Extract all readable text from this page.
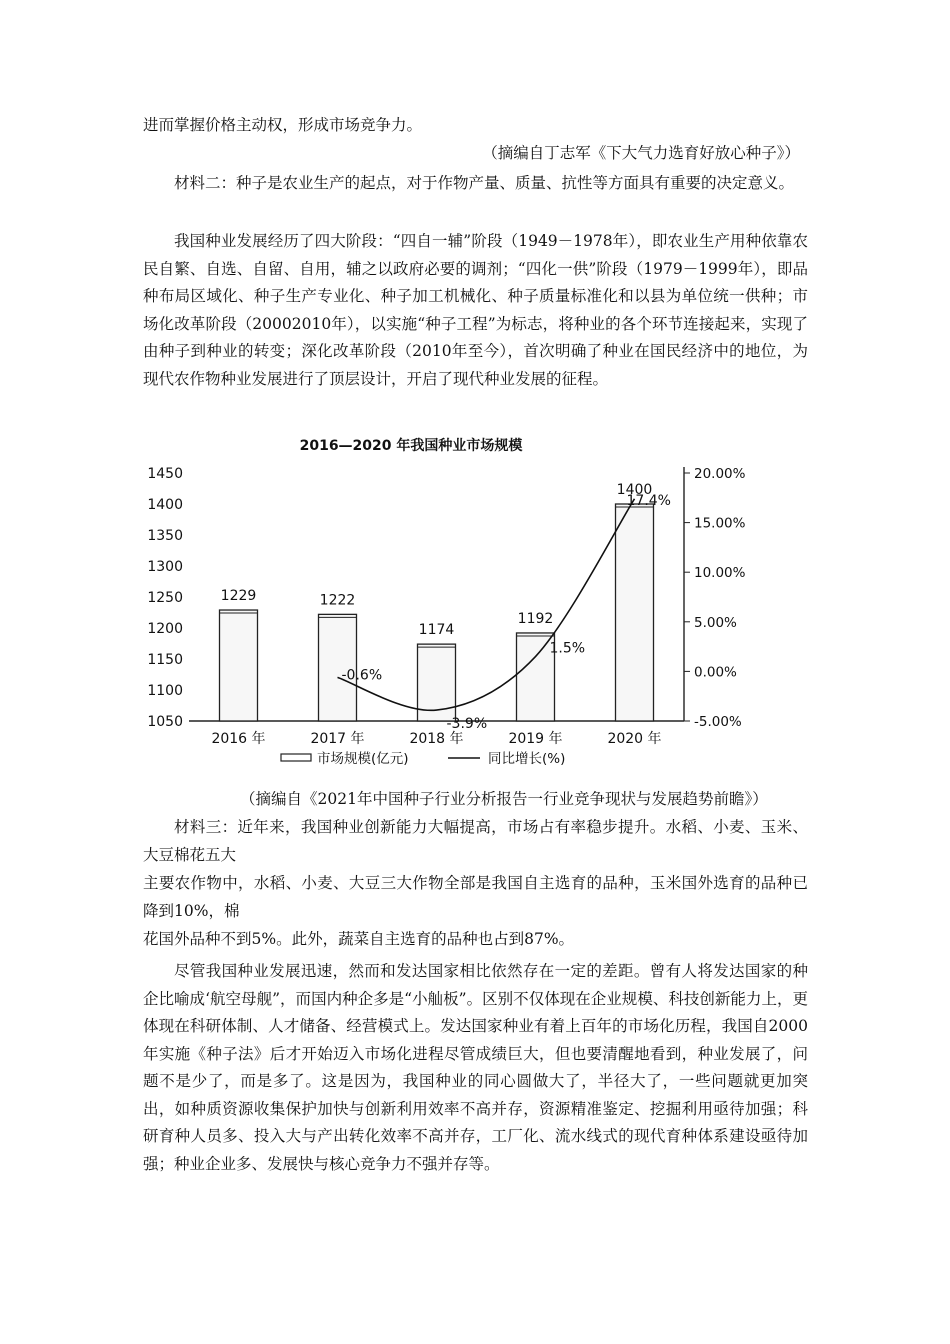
进而掌握价格主动权，形成市场竞争力。

（摘编自丁志军《下大气力选育好放心种子》）

材料二：种子是农业生产的起点，对于作物产量、质量、抗性等方面具有重要的决定意义。

我国种业发展经历了四大阶段：“四自一辅”阶段（1949－1978年），即农业生产用种依靠农民自繁、自选、自留、自用，辅之以政府必要的调剂；“四化一供”阶段（1979－1999年），即品种布局区域化、种子生产专业化、种子加工机械化、种子质量标准化和以县为单位统一供种；市场化改革阶段（20002010年），以实施“种子工程”为标志，将种业的各个环节连接起来，实现了由种子到种业的转变；深化改革阶段（2010年至今），首次明确了种业在国民经济中的地位，为现代农作物种业发展进行了顶层设计，开启了现代种业发展的征程。

2016—2020 年我国种业市场规模
1050
1100
1150
1200
1250
1300
1350
1400
1450
-5.00%
0.00%
5.00%
10.00%
15.00%
20.00%
1229	1222
1174
1192
1400
-0.6%
-3.9%
1.5%
17.4%
2016 年	2017 年	2018 年	2019 年	2020 年
市场规模(亿元)	同比增长(%)

（摘编自《2021年中国种子行业分析报告一行业竞争现状与发展趋势前瞻》）

材料三：近年来，我国种业创新能力大幅提高，市场占有率稳步提升。水稻、小麦、玉米、大豆棉花五大

主要农作物中，水稻、小麦、大豆三大作物全部是我国自主选育的品种，玉米国外选育的品种已降到10%，棉

花国外品种不到5%。此外，蔬菜自主选育的品种也占到87%。

尽管我国种业发展迅速，然而和发达国家相比依然存在一定的差距。曾有人将发达国家的种企比喻成‘航空母舰”，而国内种企多是“小舢板”。区别不仅体现在企业规模、科技创新能力上，更体现在科研体制、人才储备、经营模式上。发达国家种业有着上百年的市场化历程，我国自2000年实施《种子法》后才开始迈入市场化进程尽管成绩巨大，但也要清醒地看到，种业发展了，问题不是少了，而是多了。这是因为，我国种业的同心圆做大了，半径大了，一些问题就更加突出，如种质资源收集保护加快与创新利用效率不高并存，资源精准鉴定、挖掘利用亟待加强；科研育种人员多、投入大与产出转化效率不高并存，工厂化、流水线式的现代育种体系建设亟待加强；种业企业多、发展快与核心竞争力不强并存等。
